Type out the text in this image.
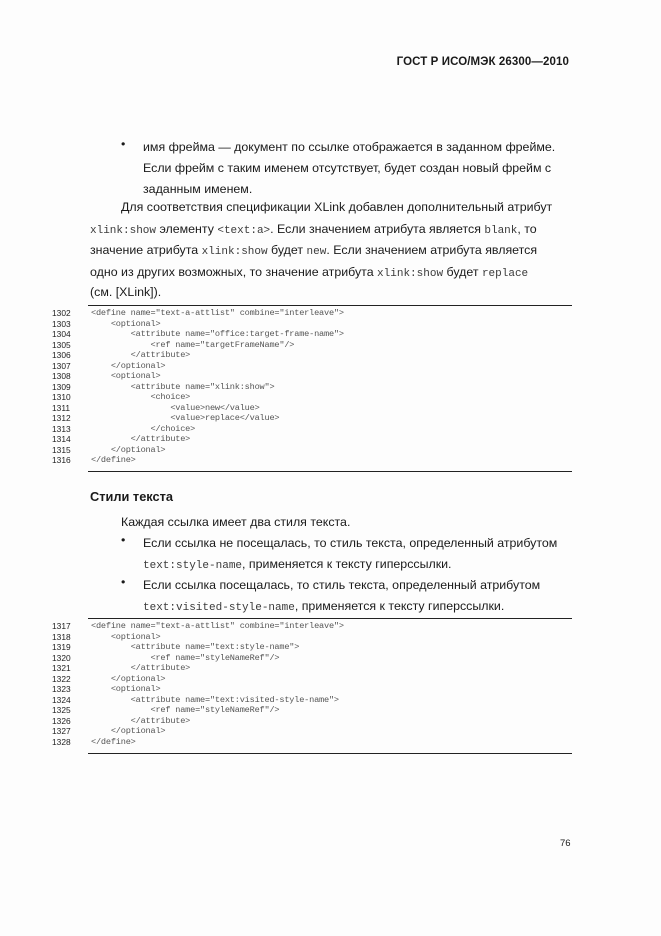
ГОСТ Р ИСО/МЭК 26300—2010
• имя фрейма — документ по ссылке отображается в заданном фрейме.
Если фрейм с таким именем отсутствует, будет создан новый фрейм с
заданным именем.
Для соответствия спецификации XLink добавлен дополнительный атрибут
xlink:show элементу <text:a>. Если значением атрибута является blank, то
значение атрибута xlink:show будет new. Если значением атрибута является
одно из других возможных, то значение атрибута xlink:show будет replace
(см. [XLink]).
1302	<define name="text-a-attlist" combine="interleave">
1303	<optional>
1304	<attribute name="office:target-frame-name">
1305	<ref name="targetFrameName"/>
1306	</attribute>
1307	</optional>
1308	<optional>
1309	<attribute name="xlink:show">
1310	<choice>
1311	<value>new</value>
1312	<value>replace</value>
1313	</choice>
1314	</attribute>
1315	</optional>
1316	</define>
Стили текста
Каждая ссылка имеет два стиля текста.
• Если ссылка не посещалась, то стиль текста, определенный атрибутом
text:style-name, применяется к тексту гиперссылки.
• Если ссылка посещалась, то стиль текста, определенный атрибутом
text:visited-style-name, применяется к тексту гиперссылки.
1317	<define name="text-a-attlist" combine="interleave">
1318	<optional>
1319	<attribute name="text:style-name">
1320	<ref name="styleNameRef"/>
1321	</attribute>
1322	</optional>
1323	<optional>
1324	<attribute name="text:visited-style-name">
1325	<ref name="styleNameRef"/>
1326	</attribute>
1327	</optional>
1328	</define>
76
